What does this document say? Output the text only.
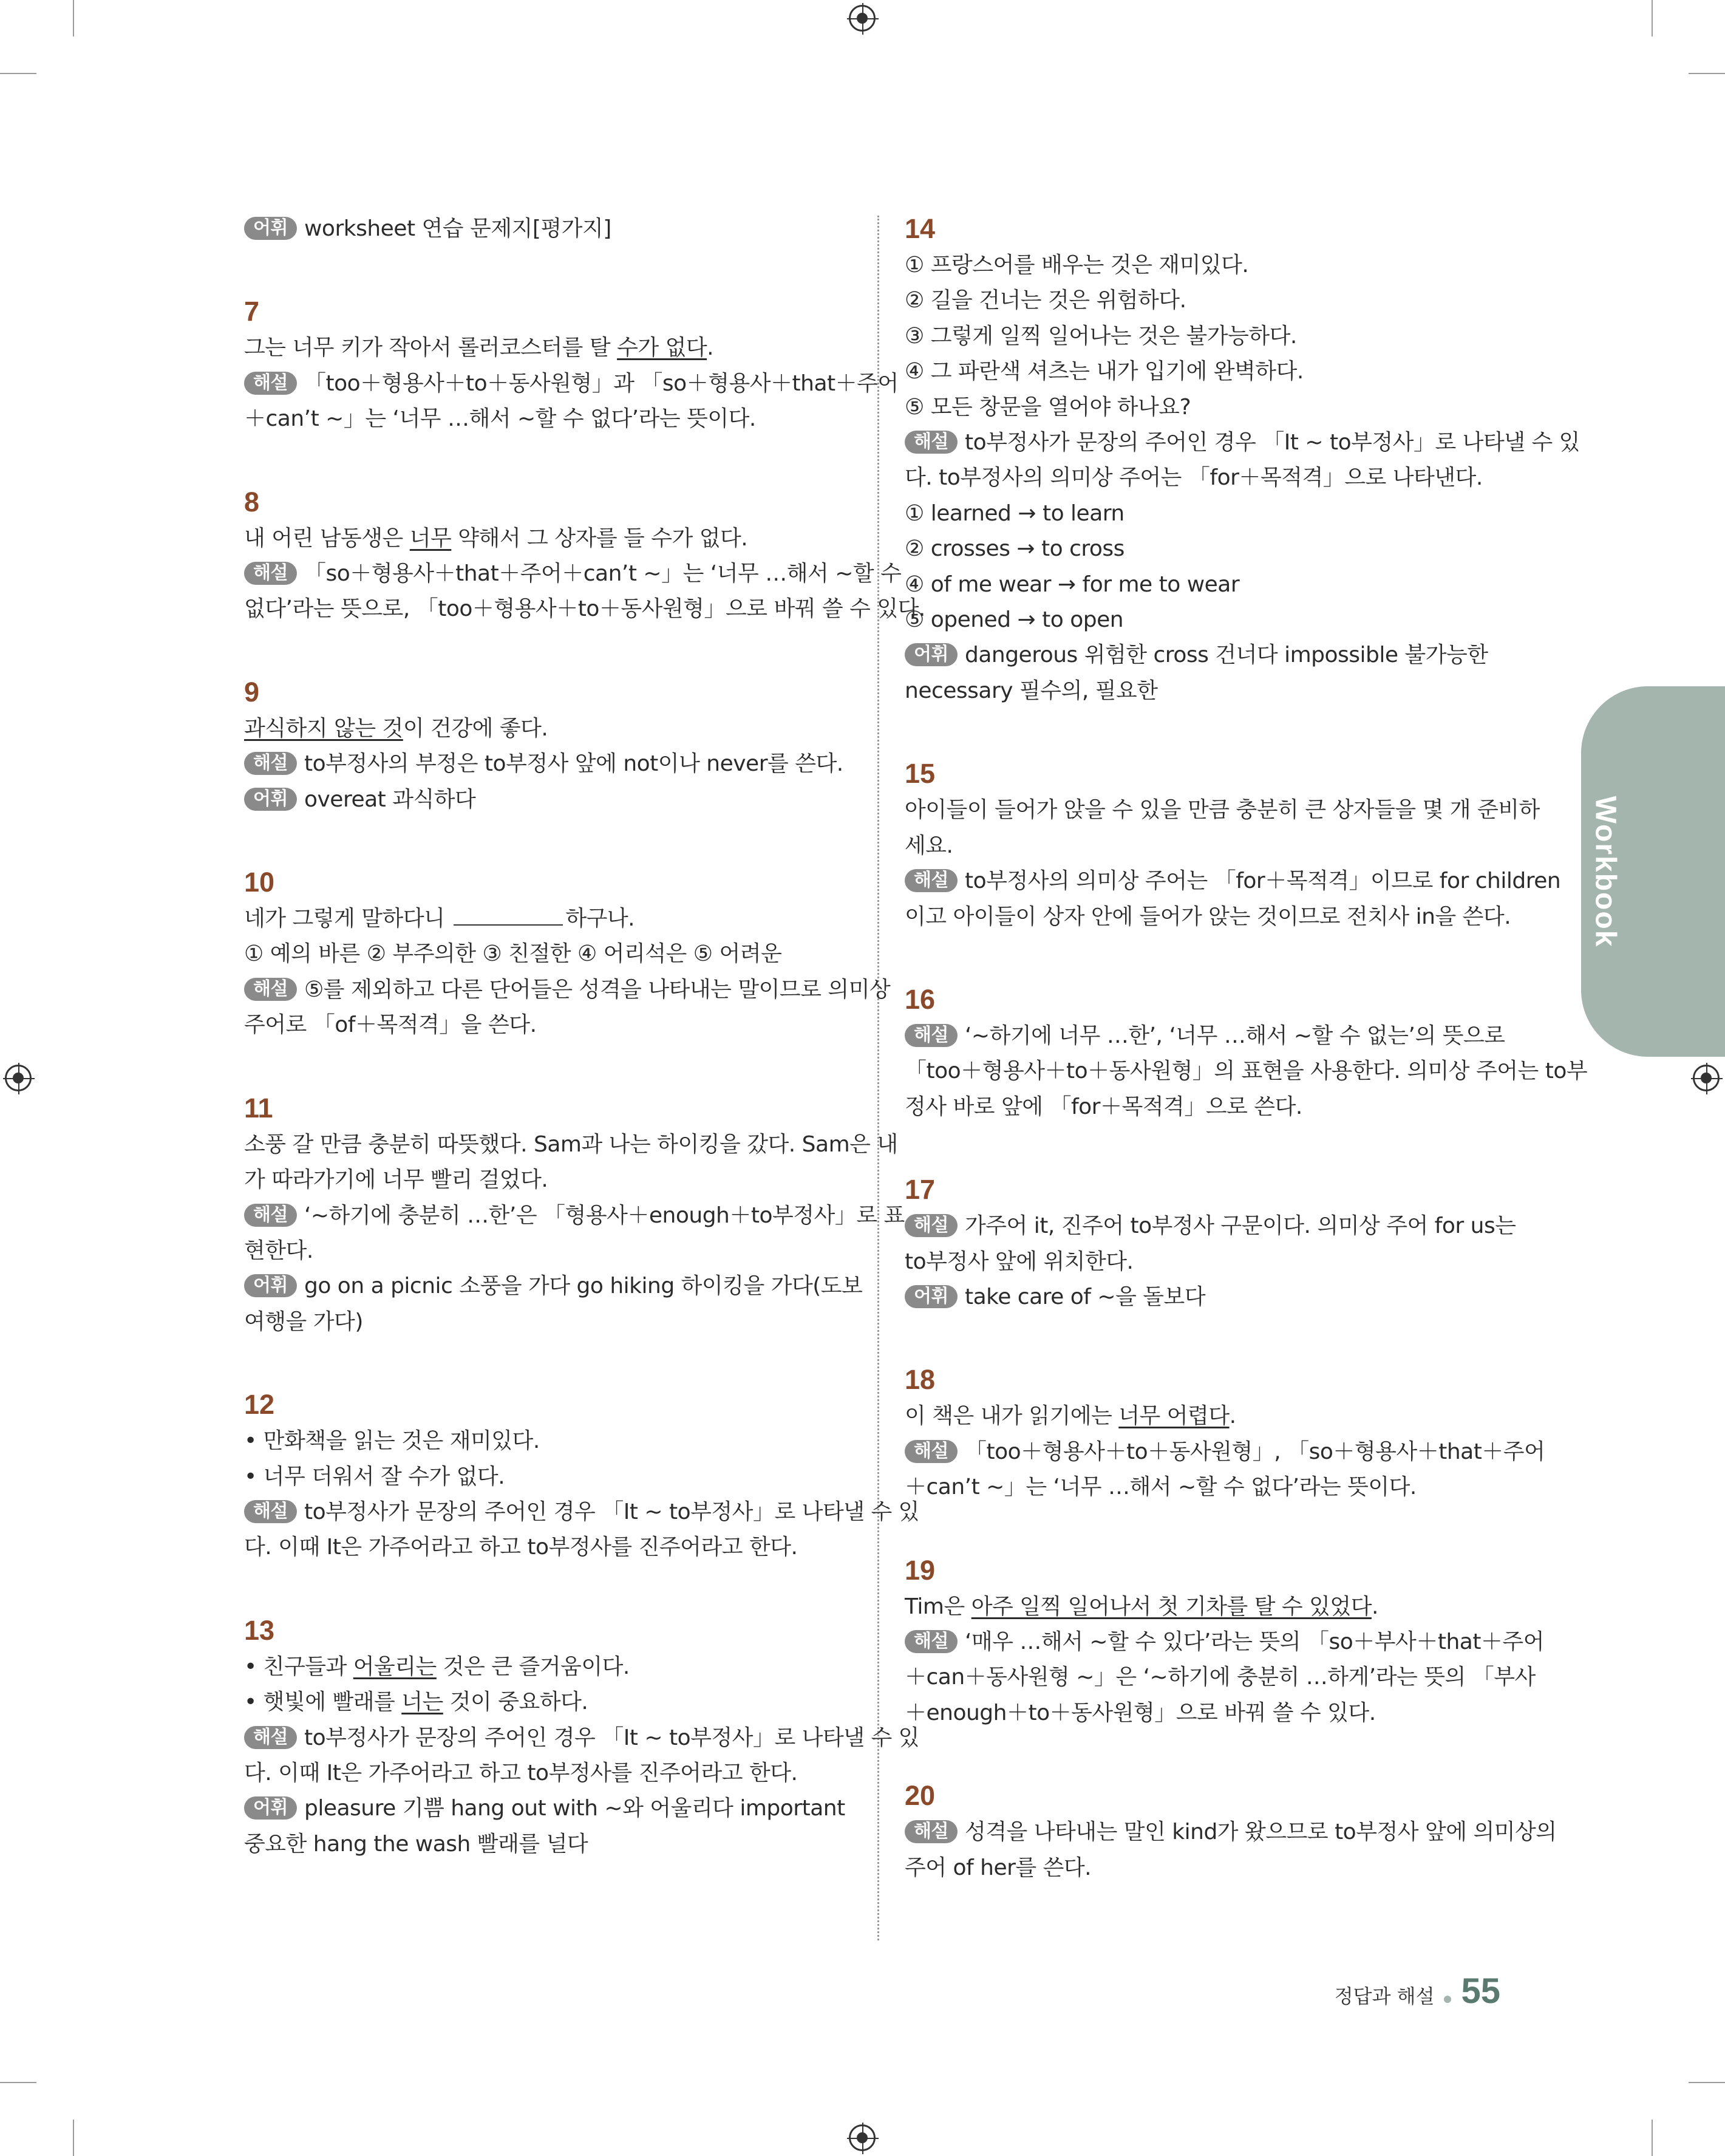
Workbook
어휘 worksheet 연습 문제지[평가지]
7
그는 너무 키가 작아서 롤러코스터를 탈 수가 없다.
해설 「too＋형용사＋to＋동사원형」과 「so＋형용사＋that＋주어
＋can’t ~」는 ‘너무 …해서 ~할 수 없다’라는 뜻이다.
8
내 어린 남동생은 너무 약해서 그 상자를 들 수가 없다.
해설 「so＋형용사＋that＋주어＋can’t ~」는 ‘너무 …해서 ~할 수
없다’라는 뜻으로, 「too＋형용사＋to＋동사원형」으로 바꿔 쓸 수 있다.
9
과식하지 않는 것이 건강에 좋다.
해설 to부정사의 부정은 to부정사 앞에 not이나 never를 쓴다.
어휘 overeat 과식하다
10
네가 그렇게 말하다니	하구나.
① 예의 바른 ② 부주의한 ③ 친절한 ④ 어리석은 ⑤ 어려운
해설 ⑤를 제외하고 다른 단어들은 성격을 나타내는 말이므로 의미상
주어로 「of＋목적격」을 쓴다.
11
소풍 갈 만큼 충분히 따뜻했다. Sam과 나는 하이킹을 갔다. Sam은 내
가 따라가기에 너무 빨리 걸었다.
해설 ‘~하기에 충분히 …한’은 「형용사＋enough＋to부정사」로 표
현한다.
어휘 go on a picnic 소풍을 가다 go hiking 하이킹을 가다(도보
여행을 가다)
12
• 만화책을 읽는 것은 재미있다.
• 너무 더워서 잘 수가 없다.
해설 to부정사가 문장의 주어인 경우 「It ~ to부정사」로 나타낼 수 있
다. 이때 It은 가주어라고 하고 to부정사를 진주어라고 한다.
13
• 친구들과 어울리는 것은 큰 즐거움이다.
• 햇빛에 빨래를 너는 것이 중요하다.
해설 to부정사가 문장의 주어인 경우 「It ~ to부정사」로 나타낼 수 있
다. 이때 It은 가주어라고 하고 to부정사를 진주어라고 한다.
어휘 pleasure 기쁨 hang out with ~와 어울리다 important
중요한 hang the wash 빨래를 널다
14
① 프랑스어를 배우는 것은 재미있다.
② 길을 건너는 것은 위험하다.
③ 그렇게 일찍 일어나는 것은 불가능하다.
④ 그 파란색 셔츠는 내가 입기에 완벽하다.
⑤ 모든 창문을 열어야 하나요?
해설 to부정사가 문장의 주어인 경우 「It ~ to부정사」로 나타낼 수 있
다. to부정사의 의미상 주어는 「for＋목적격」으로 나타낸다.
① learned → to learn
② crosses → to cross
④ of me wear → for me to wear
⑤ opened → to open
어휘 dangerous 위험한 cross 건너다 impossible 불가능한
necessary 필수의, 필요한
15
아이들이 들어가 앉을 수 있을 만큼 충분히 큰 상자들을 몇 개 준비하
세요.
해설 to부정사의 의미상 주어는 「for＋목적격」이므로 for children
이고 아이들이 상자 안에 들어가 앉는 것이므로 전치사 in을 쓴다.
16
해설 ‘~하기에 너무 …한’, ‘너무 …해서 ~할 수 없는’의 뜻으로
「too＋형용사＋to＋동사원형」의 표현을 사용한다. 의미상 주어는 to부
정사 바로 앞에 「for＋목적격」으로 쓴다.
17
해설 가주어 it, 진주어 to부정사 구문이다. 의미상 주어 for us는
to부정사 앞에 위치한다.
어휘 take care of ~을 돌보다
18
이 책은 내가 읽기에는 너무 어렵다.
해설 「too＋형용사＋to＋동사원형」, 「so＋형용사＋that＋주어
＋can’t ~」는 ‘너무 …해서 ~할 수 없다’라는 뜻이다.
19
Tim은 아주 일찍 일어나서 첫 기차를 탈 수 있었다.
해설 ‘매우 …해서 ~할 수 있다’라는 뜻의 「so＋부사＋that＋주어
＋can＋동사원형 ~」은 ‘~하기에 충분히 …하게’라는 뜻의 「부사
＋enough＋to＋동사원형」으로 바꿔 쓸 수 있다.
20
해설 성격을 나타내는 말인 kind가 왔으므로 to부정사 앞에 의미상의
주어 of her를 쓴다.
정답과 해설 55
